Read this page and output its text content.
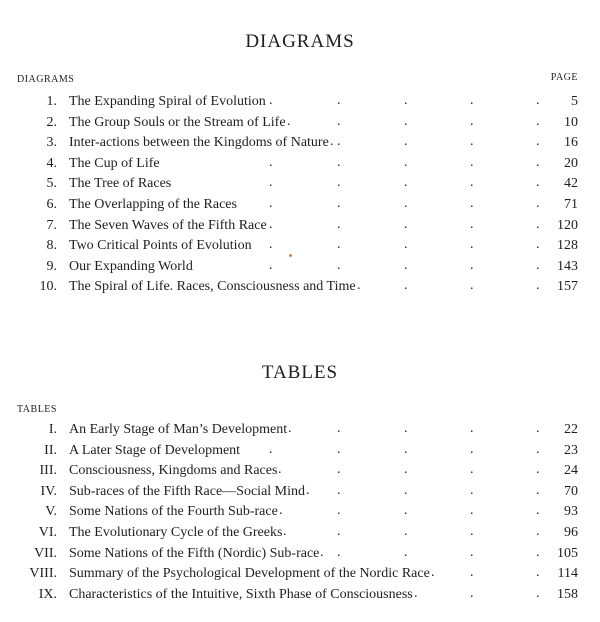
DIAGRAMS
DIAGRAMS	PAGE
1. The Expanding Spiral of Evolution	5
.	.	.	.	.
2. The Group Souls or the Stream of Life	10
.	.	.	.
.
3. Inter-actions between the Kingdoms of Nature	16
.	.	.	.
.
4. The Cup of Life	20
.	.	.	.	.
5. The Tree of Races	42
.	.	.	.	.
6. The Overlapping of the Races	71
.	.	.	.	.
7. The Seven Waves of the Fifth Race	120
.	.	.	.	.
8. Two Critical Points of Evolution	128
.	.	.	.	.
9. Our Expanding World	143
.	.	.	.	.
10. The Spiral of Life. Races, Consciousness and Time	157
.	.	.
.
TABLES
TABLES
I. An Early Stage of Man’s Development	22
.	.	.	.
.
II. A Later Stage of Development	23
.	.	.	.	.
III. Consciousness, Kingdoms and Races	24
.	.	.	.
.
IV. Sub-races of the Fifth Race—Social Mind	70
.	.	.	.
.
V. Some Nations of the Fourth Sub-race	93
.	.	.	.
.
VI. The Evolutionary Cycle of the Greeks	96
.	.	.	.
.
VII. Some Nations of the Fifth (Nordic) Sub-race	105
.	.	.	.
.
VIII. Summary of the Psychological Development of the Nordic Race	114
.	.
.
IX. Characteristics of the Intuitive, Sixth Phase of Consciousness	158
.	.
.
